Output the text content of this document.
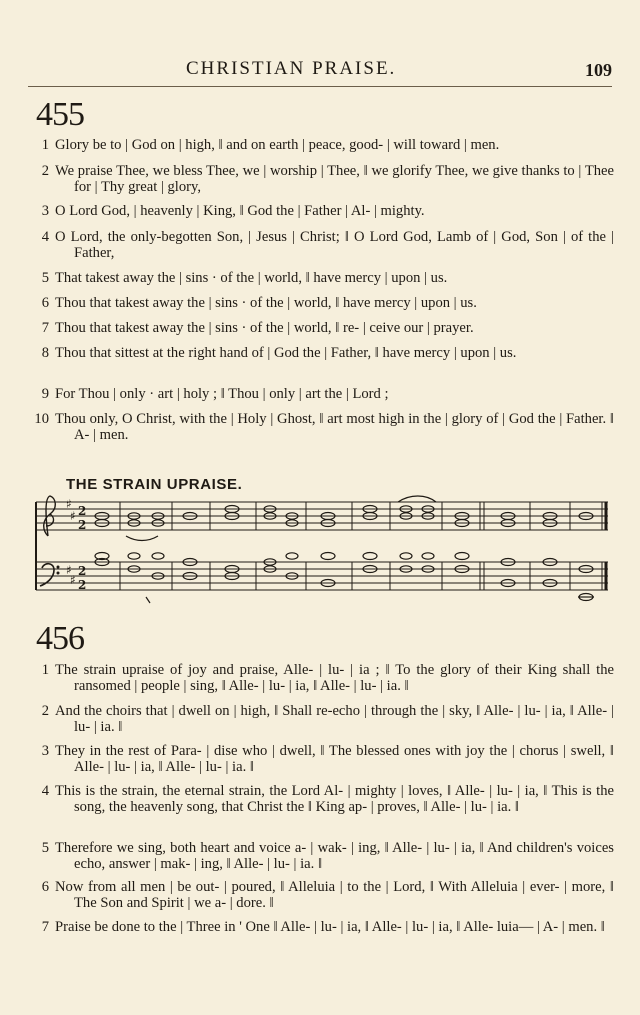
CHRISTIAN PRAISE.	109
455
1 Glory be to | God on | high, ‖ and on earth | peace, good- | will toward | men.
2 We praise Thee, we bless Thee, we | worship | Thee, ‖ we glorify Thee, we give thanks to | Thee for | Thy great | glory,
3 O Lord God, | heavenly | King, ‖ God the | Father | Al- | mighty.
4 O Lord, the only-begotten Son, | Jesus | Christ; ‖ O Lord God, Lamb of | God, Son | of the | Father,
5 That takest away the | sins · of the | world, ‖ have mercy | upon | us.
6 Thou that takest away the | sins · of the | world, ‖ have mercy | upon | us.
7 Thou that takest away the | sins · of the | world, ‖ re- | ceive our | prayer.
8 Thou that sittest at the right hand of | God the | Father, ‖ have mercy | upon | us.
9 For Thou | only · art | holy ; ‖ Thou | only | art the | Lord ;
10 Thou only, O Christ, with the | Holy | Ghost, ‖ art most high in the | glory of | God the | Father. ‖ A- | men.
THE STRAIN UPRAISE.
♯
♯
♯
♯
2
2
2
2
456
1 The strain upraise of joy and praise, Alle- | lu- | ia ; ‖ To the glory of their King shall the ransomed | people | sing, ‖ Alle- | lu- | ia, ‖ Alle- | lu- | ia. ‖
2 And the choirs that | dwell on | high, ‖ Shall re-echo | through the | sky, ‖ Alle- | lu- | ia, ‖ Alle- | lu- | ia. ‖
3 They in the rest of Para- | dise who | dwell, ‖ The blessed ones with joy the | chorus | swell, ‖ Alle- | lu- | ia, ‖ Alle- | lu- | ia. ‖
4 This is the strain, the eternal strain, the Lord Al- | mighty | loves, ‖ Alle- | lu- | ia, ‖ This is the song, the heavenly song, that Christ the ‖ King ap- | proves, ‖ Alle- | lu- | ia. ‖
5 Therefore we sing, both heart and voice a- | wak- | ing, ‖ Alle- | lu- | ia, ‖ And children's voices echo, answer | mak- | ing, ‖ Alle- | lu- | ia. ‖
6 Now from all men | be out- | poured, ‖ Alleluia | to the | Lord, ‖ With Alleluia | ever- | more, ‖ The Son and Spirit | we a- | dore. ‖
7 Praise be done to the | Three in ' One ‖ Alle- | lu- | ia, ‖ Alle- | lu- | ia, ‖ Alle- luia— | A- | men. ‖
